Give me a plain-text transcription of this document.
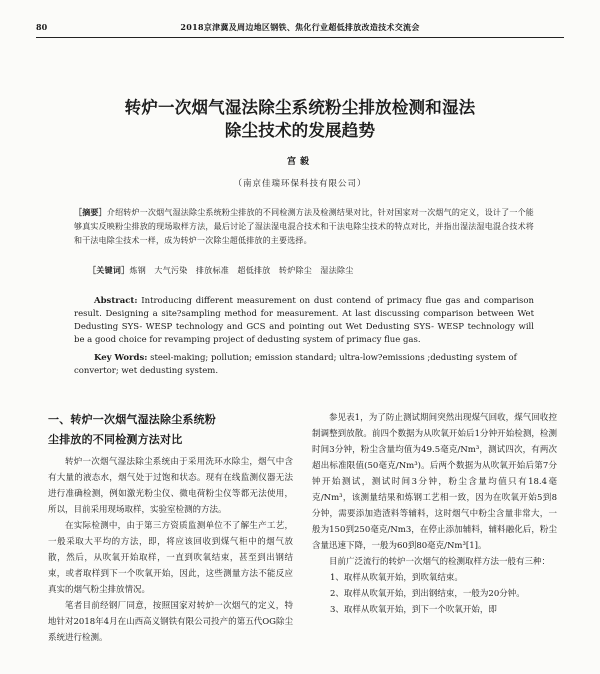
80	2018京津冀及周边地区钢铁、焦化行业超低排放改造技术交流会
转炉一次烟气湿法除尘系统粉尘排放检测和湿法
除尘技术的发展趋势
宫毅
（南京佳瑞环保科技有限公司）
［摘要］介绍转炉一次烟气湿法除尘系统粉尘排放的不同检测方法及检测结果对比，针对国家对一次烟气的定义，设计了一个能够真实反映粉尘排放的现场取样方法，最后讨论了湿法湿电混合技术和干法电除尘技术的特点对比，并指出湿法湿电混合技术将和干法电除尘技术一样，成为转炉一次除尘超低排放的主要选择。
［关键词］炼钢　大气污染　排放标准　超低排放　转炉除尘　湿法除尘
Abstract: Introducing different measurement on dust contend of primacy flue gas and comparison result. Designing a site?sampling method for measurement. At last discussing comparison between Wet Dedusting SYS- WESP technology and GCS and pointing out Wet Dedusting SYS- WESP technology will be a good choice for revamping project of dedusting system of primacy flue gas.
Key Words: steel-making; pollution; emission standard; ultra-low?emissions ;dedusting system of convertor; wet dedusting system.
一、转炉一次烟气湿法除尘系统粉
尘排放的不同检测方法对比

转炉一次烟气湿法除尘系统由于采用洗环水除尘，烟气中含有大量的液态水，烟气处于过饱和状态。现有在线监测仪器无法进行准确检测，例如激光粉尘仪、微电荷粉尘仪等都无法使用，所以，目前采用现场取样，实验室检测的方法。

在实际检测中，由于第三方资质监测单位不了解生产工艺，一般采取大平均的方法，即，将应该回收到煤气柜中的烟气放散，然后，从吹氧开始取样，一直到吹氧结束，甚至到出钢结束，或者取样到下一个吹氧开始，因此，这些测量方法不能反应真实的烟气粉尘排放情况。

笔者目前经钢厂同意，按照国家对转炉一次烟气的定义，特地针对2018年4月在山西高义钢铁有限公司投产的第五代OG除尘系统进行检测。

参见表1，为了防止测试期间突然出现煤气回收，煤气回收控制调整到放散。前四个数据为从吹氧开始后1分钟开始检测，检测时间3分钟，粉尘含量均值为49.5毫克/Nm³，测试四次，有两次超出标准限值(50毫克/Nm³)。后两个数据为从吹氧开始后第7分钟开始测试，测试时间3分钟，粉尘含量均值只有18.4毫克/Nm³，该测量结果和炼钢工艺相一致，因为在吹氧开始5到8分钟，需要添加造渣料等辅料，这时烟气中粉尘含量非常大，一般为150到250毫克/Nm3，在停止添加辅料，辅料融化后，粉尘含量迅速下降，一般为60到80毫克/Nm³[1]。

目前广泛流行的转炉一次烟气的检测取样方法一般有三种：

1、取样从吹氧开始，到吹氧结束。

2、取样从吹氧开始，到出钢结束，一般为20分钟。

3、取样从吹氧开始，到下一个吹氧开始，即
